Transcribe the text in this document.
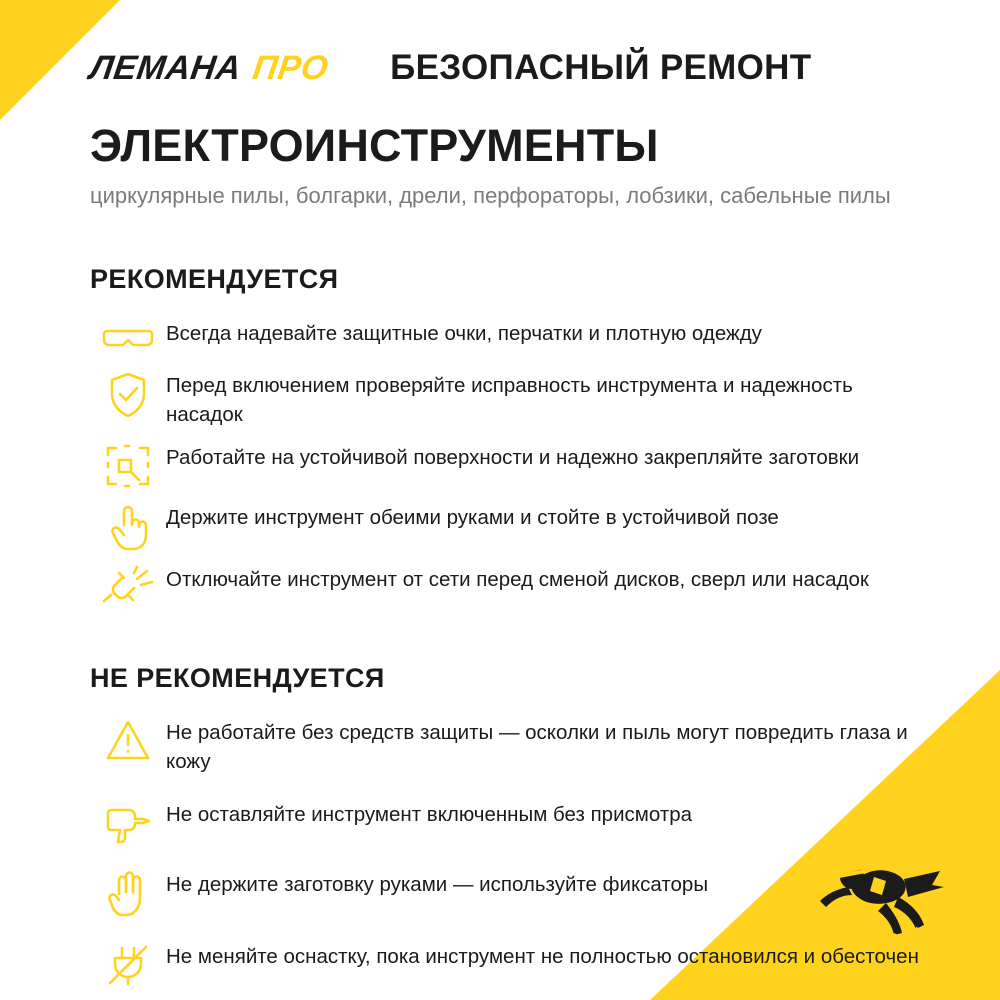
ЛЕМАНА ПРО БЕЗОПАСНЫЙ РЕМОНТ
ЭЛЕКТРОИНСТРУМЕНТЫ
циркулярные пилы, болгарки, дрели, перфораторы, лобзики, сабельные пилы
РЕКОМЕНДУЕТСЯ
Всегда надевайте защитные очки, перчатки и плотную одежду
Перед включением проверяйте исправность инструмента и надежность насадок
Работайте на устойчивой поверхности и надежно закрепляйте заготовки
Держите инструмент обеими руками и стойте в устойчивой позе
Отключайте инструмент от сети перед сменой дисков, сверл или насадок
НЕ РЕКОМЕНДУЕТСЯ
Не работайте без средств защиты — осколки и пыль могут повредить глаза и кожу
Не оставляйте инструмент включенным без присмотра
Не держите заготовку руками — используйте фиксаторы
Не меняйте оснастку, пока инструмент не полностью остановился и обесточен
